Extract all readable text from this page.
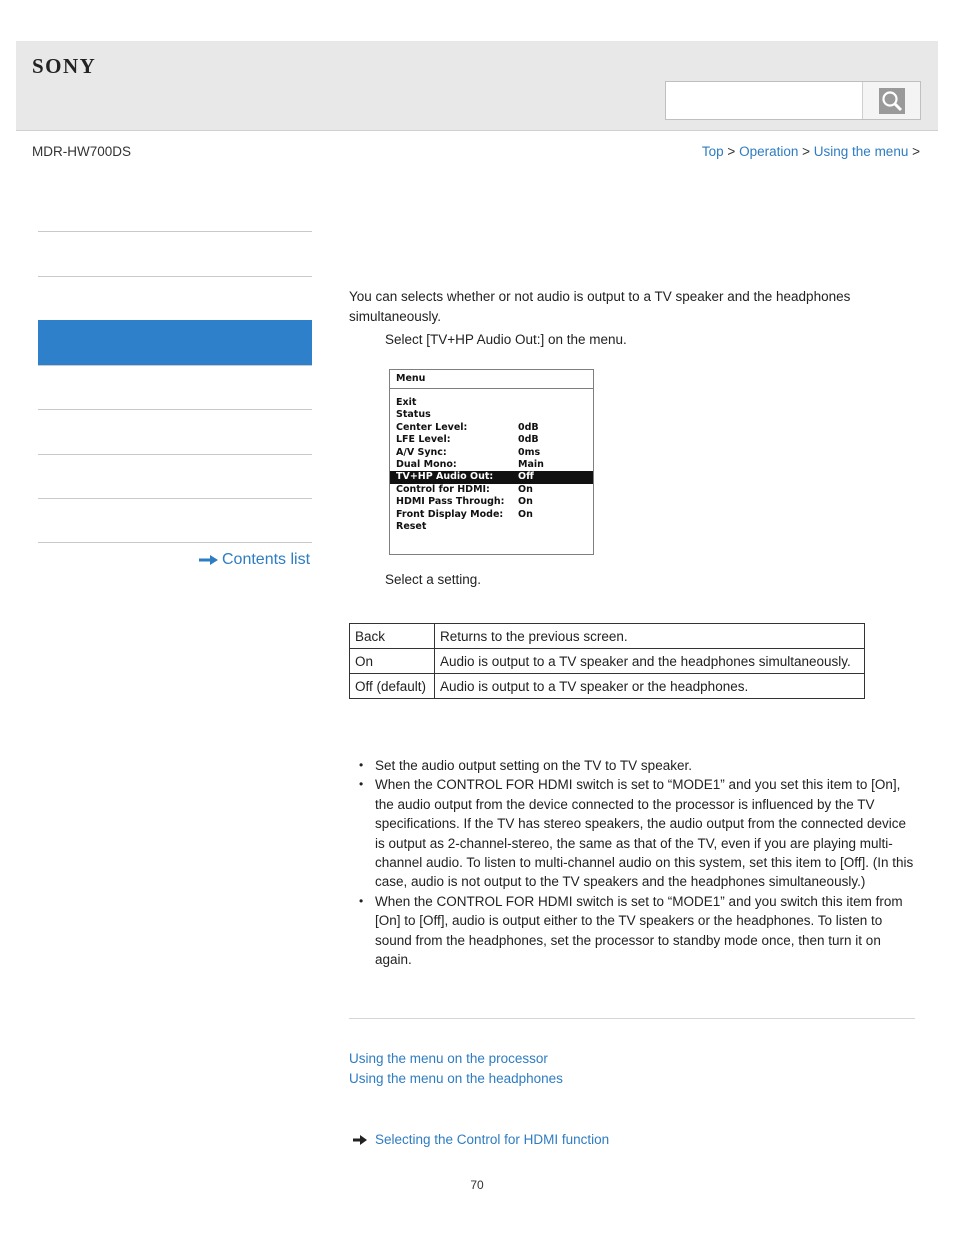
SONY
MDR-HW700DS	Top > Operation > Using the menu >
Contents list

You can selects whether or not audio is output to a TV speaker and the headphones simultaneously.

Select [TV+HP Audio Out:] on the menu.

Menu
Exit
Status
Center Level:	0dB
LFE Level:	0dB
A/V Sync:	0ms
Dual Mono:	Main
TV+HP Audio Out:	Off
Control for HDMI:	On
HDMI Pass Through: On
Front Display Mode: On
Reset

Select a setting.

Back	Returns to the previous screen.
On	Audio is output to a TV speaker and the headphones simultaneously.
Off (default)	Audio is output to a TV speaker or the headphones.
• Set the audio output setting on the TV to TV speaker.
• When the CONTROL FOR HDMI switch is set to “MODE1” and you set this item to [On], the audio output from the device connected to the processor is influenced by the TV specifications. If the TV has stereo speakers, the audio output from the connected device is output as 2-channel-stereo, the same as that of the TV, even if you are playing multi-channel audio. To listen to multi-channel audio on this system, set this item to [Off]. (In this case, audio is not output to the TV speakers and the headphones simultaneously.)
• When the CONTROL FOR HDMI switch is set to “MODE1” and you switch this item from [On] to [Off], audio is output either to the TV speakers or the headphones. To listen to sound from the headphones, set the processor to standby mode once, then turn it on again.
Using the menu on the processor
Using the menu on the headphones
Selecting the Control for HDMI function
70
